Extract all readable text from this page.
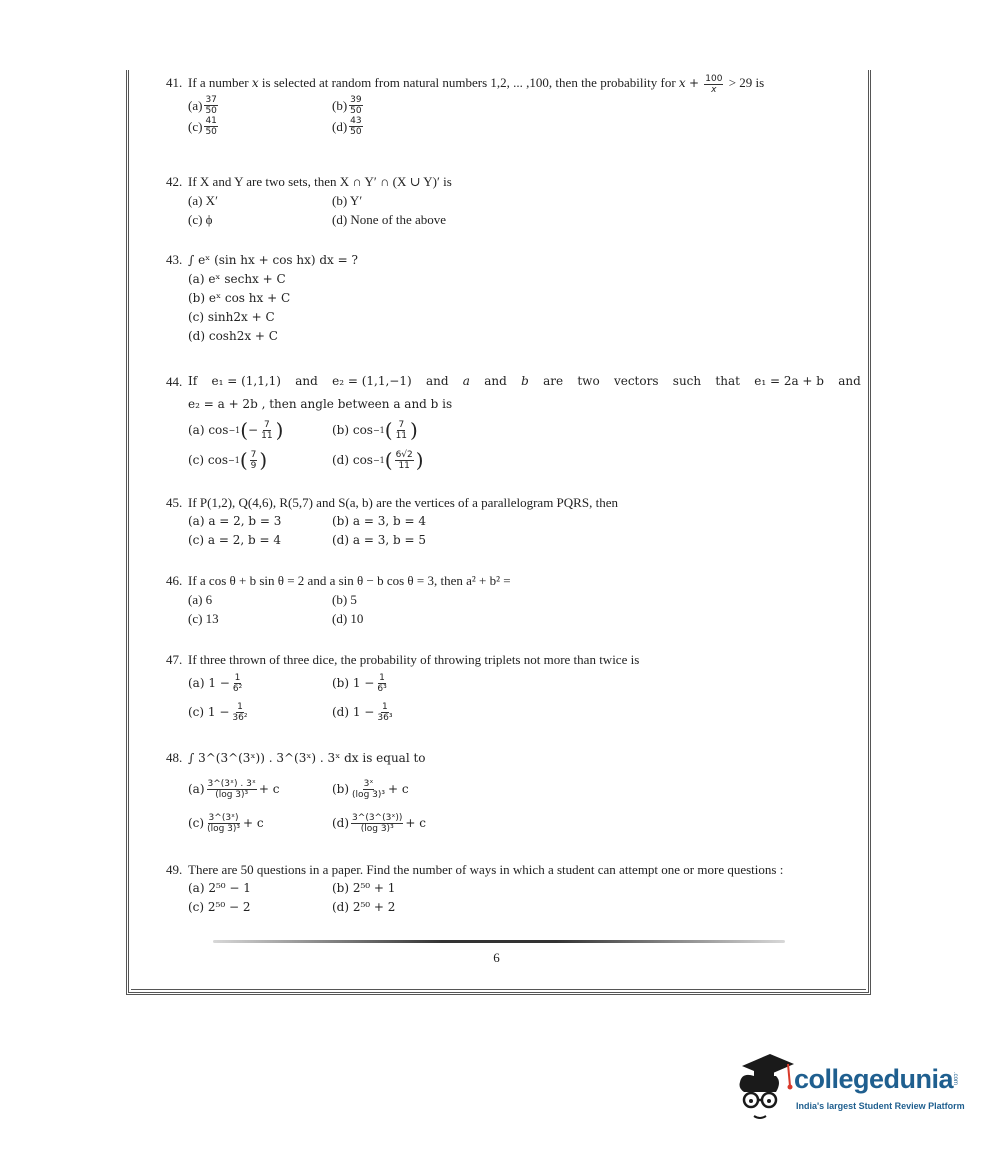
41. If a number x is selected at random from natural numbers 1,2, ... ,100, then the probability for $x + \frac{100}{x} > 29$ is
$(a) \frac{37}{50}$	$(b) \frac{39}{50}$
$(c) \frac{41}{50}$	$(d) \frac{43}{50}$
42. If X and Y are two sets, then X ∩ Y′ ∩ (X ∪ Y)′ is
(a) X′	(b) Y′
(c) ϕ	(d) None of the above
43. ∫ eˣ (sin hx + cos hx) dx = ?
(a) eˣ sechx + C
(b) eˣ cos hx + C
(c) sinh2x + C
(d) cosh2x + C
44. If e₁ = (1,1,1) and e₂ = (1,1,−1) and a and b are two vectors such that e₁ = 2a + b and
e₂ = a + 2b , then angle between a and b is
(a) cos −1 ( − $\frac{7}{11}$ )	(b) cos −1 ( $\frac{7}{11}$ )
(c) cos −1 ( $\frac{7}{9}$ )	(d) cos −1 ( $\frac{6√2}{11}$ )
45. If P(1,2), Q(4,6), R(5,7) and S(a, b) are the vertices of a parallelogram PQRS, then
(a) a = 2, b = 3	(b) a = 3, b = 4
(c) a = 2, b = 4	(d) a = 3, b = 5
46. If a cos θ + b sin θ = 2 and a sin θ − b cos θ = 3, then a² + b² =
(a) 6	(b) 5
(c) 13	(d) 10
47. If three thrown of three dice, the probability of throwing triplets not more than twice is
(a) $1 - \frac{1}{\text{6²}}$	(b) $1 - \frac{1}{\text{6³}}$
(c) $1 - \frac{1}{\text{36²}}$	(d) $1 - \frac{1}{\text{36³}}$
48. ∫ 3^(3^(3ˣ)) . 3^(3ˣ) . 3ˣ dx is equal to
$(a) \frac{\text{3\textasciicircum{}(3ˣ) . 3ˣ}}{\text{(log 3)³}} + c$	$(b) \frac{\text{3ˣ}}{\text{(log 3)³}} + c$
$(c) \frac{\text{3\textasciicircum{}(3ˣ)}}{\text{(log 3)³}} + c$	$(d) \frac{\text{3\textasciicircum{}(3\textasciicircum{}(3ˣ))}}{\text{(log 3)³}} + c$
49. There are 50 questions in a paper. Find the number of ways in which a student can attempt one or more questions :
(a) 2⁵⁰ − 1	(b) 2⁵⁰ + 1
(c) 2⁵⁰ − 2	(d) 2⁵⁰ + 2
6
collegedunia
.com
India's largest Student Review Platform
